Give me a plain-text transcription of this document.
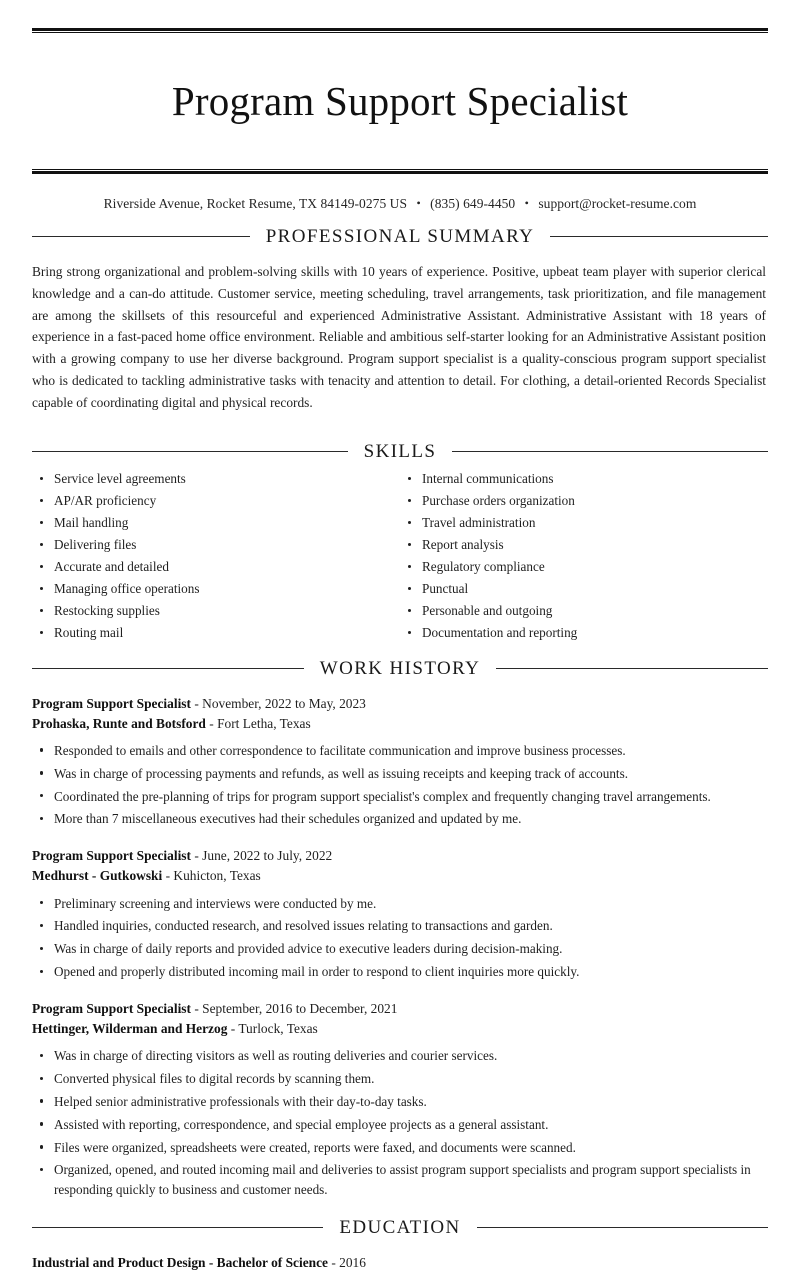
Program Support Specialist
Riverside Avenue, Rocket Resume, TX 84149-0275 US • (835) 649-4450 • support@rocket-resume.com
PROFESSIONAL SUMMARY

Bring strong organizational and problem-solving skills with 10 years of experience. Positive, upbeat team player with superior clerical knowledge and a can-do attitude. Customer service, meeting scheduling, travel arrangements, task prioritization, and file management are among the skillsets of this resourceful and experienced Administrative Assistant. Administrative Assistant with 18 years of experience in a fast-paced home office environment. Reliable and ambitious self-starter looking for an Administrative Assistant position with a growing company to use her diverse background. Program support specialist is a quality-conscious program support specialist who is dedicated to tackling administrative tasks with tenacity and attention to detail. For clothing, a detail-oriented Records Specialist capable of coordinating digital and physical records.

SKILLS
Service level agreements
AP/AR proficiency
Mail handling
Delivering files
Accurate and detailed
Managing office operations
Restocking supplies
Routing mail
Internal communications
Purchase orders organization
Travel administration
Report analysis
Regulatory compliance
Punctual
Personable and outgoing
Documentation and reporting
WORK HISTORY
Program Support Specialist - November, 2022 to May, 2023
Prohaska, Runte and Botsford - Fort Letha, Texas
Responded to emails and other correspondence to facilitate communication and improve business processes.
Was in charge of processing payments and refunds, as well as issuing receipts and keeping track of accounts.
Coordinated the pre-planning of trips for program support specialist's complex and frequently changing travel arrangements.
More than 7 miscellaneous executives had their schedules organized and updated by me.
Program Support Specialist - June, 2022 to July, 2022
Medhurst - Gutkowski - Kuhicton, Texas
Preliminary screening and interviews were conducted by me.
Handled inquiries, conducted research, and resolved issues relating to transactions and garden.
Was in charge of daily reports and provided advice to executive leaders during decision-making.
Opened and properly distributed incoming mail in order to respond to client inquiries more quickly.
Program Support Specialist - September, 2016 to December, 2021
Hettinger, Wilderman and Herzog - Turlock, Texas
Was in charge of directing visitors as well as routing deliveries and courier services.
Converted physical files to digital records by scanning them.
Helped senior administrative professionals with their day-to-day tasks.
Assisted with reporting, correspondence, and special employee projects as a general assistant.
Files were organized, spreadsheets were created, reports were faxed, and documents were scanned.
Organized, opened, and routed incoming mail and deliveries to assist program support specialists and program support specialists in responding quickly to business and customer needs.
EDUCATION
Industrial and Product Design - Bachelor of Science - 2016
